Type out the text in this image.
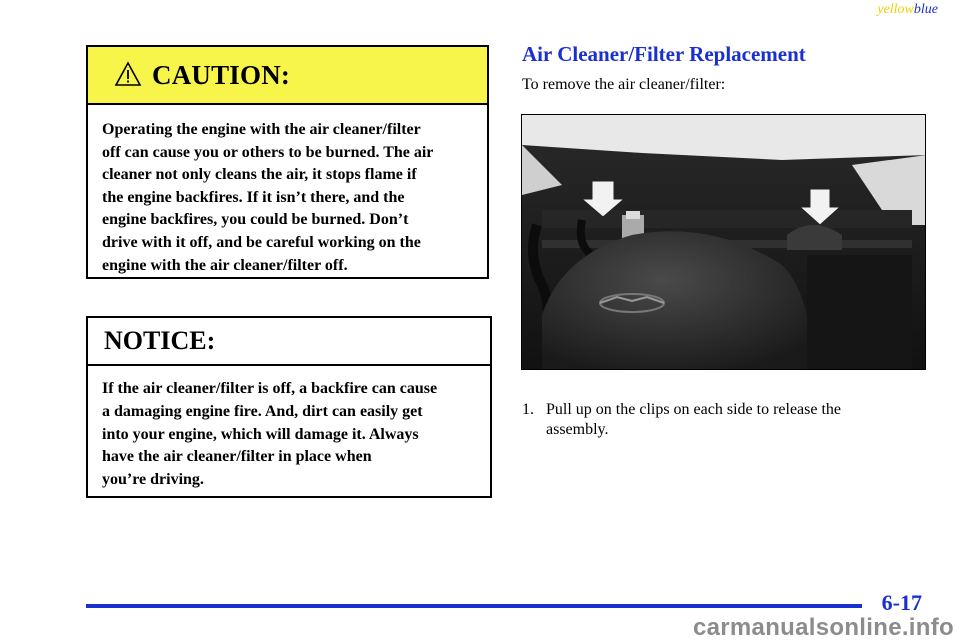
yellowblue
CAUTION:
Operating the engine with the air cleaner/filter
off can cause you or others to be burned. The air
cleaner not only cleans the air, it stops flame if
the engine backfires. If it isn’t there, and the
engine backfires, you could be burned. Don’t
drive with it off, and be careful working on the
engine with the air cleaner/filter off.
NOTICE:
If the air cleaner/filter is off, a backfire can cause
a damaging engine fire. And, dirt can easily get
into your engine, which will damage it. Always
have the air cleaner/filter in place when
you’re driving.
Air Cleaner/Filter Replacement
To remove the air cleaner/filter:
1. Pull up on the clips on each side to release the assembly.
6-17
carmanualsonline.info
